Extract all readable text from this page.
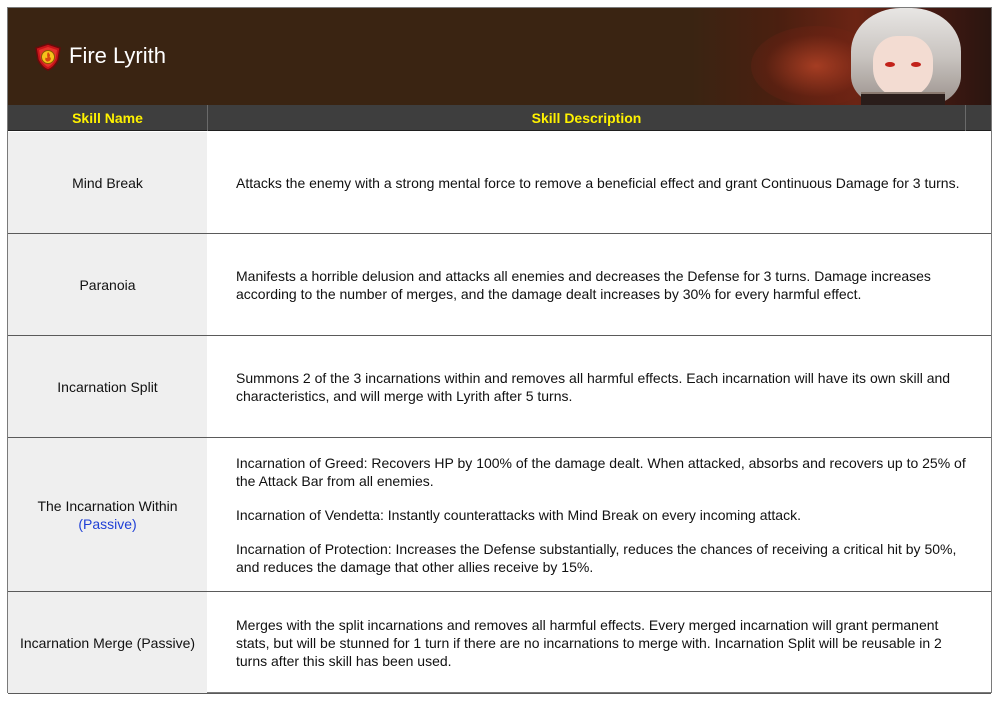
Fire Lyrith
Skill Name	Skill Description
Mind Break	Attacks the enemy with a strong mental force to remove a beneficial effect and grant Continuous Damage for 3 turns.

Paranoia

Manifests a horrible delusion and attacks all enemies and decreases the Defense for 3 turns. Damage increases according to the number of merges, and the damage dealt increases by 30% for every harmful effect.

Incarnation Split

Summons 2 of the 3 incarnations within and removes all harmful effects. Each incarnation will have its own skill and characteristics, and will merge with Lyrith after 5 turns.

The Incarnation Within
(Passive)

Incarnation of Greed: Recovers HP by 100% of the damage dealt. When attacked, absorbs and recovers up to 25% of the Attack Bar from all enemies.

Incarnation of Vendetta: Instantly counterattacks with Mind Break on every incoming attack.

Incarnation of Protection: Increases the Defense substantially, reduces the chances of receiving a critical hit by 50%, and reduces the damage that other allies receive by 15%.

Incarnation Merge (Passive)

Merges with the split incarnations and removes all harmful effects. Every merged incarnation will grant permanent stats, but will be stunned for 1 turn if there are no incarnations to merge with. Incarnation Split will be reusable in 2 turns after this skill has been used.
